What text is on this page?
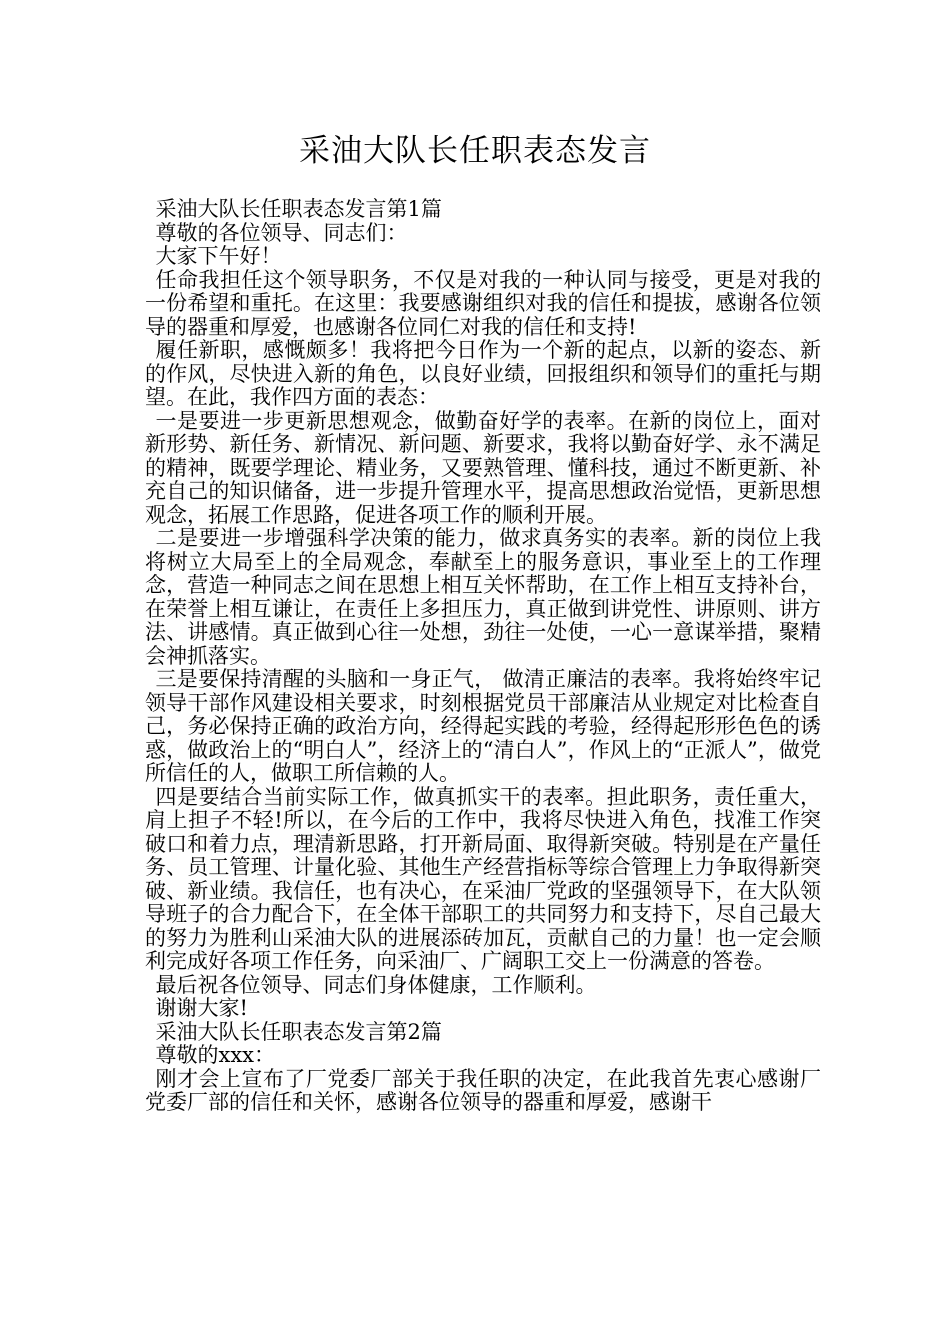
采油大队长任职表态发言

采油大队长任职表态发言第1篇

尊敬的各位领导、同志们：

大家下午好！

任命我担任这个领导职务，不仅是对我的一种认同与接受，更是对我的一份希望和重托。在这里：我要感谢组织对我的信任和提拔，感谢各位领导的器重和厚爱，也感谢各位同仁对我的信任和支持!

履任新职，感慨颇多！我将把今日作为一个新的起点，以新的姿态、新的作风，尽快进入新的角色，以良好业绩，回报组织和领导们的重托与期望。在此，我作四方面的表态：

一是要进一步更新思想观念，做勤奋好学的表率。在新的岗位上，面对新形势、新任务、新情况、新问题、新要求，我将以勤奋好学、永不满足的精神，既要学理论、精业务，又要熟管理、懂科技，通过不断更新、补充自己的知识储备，进一步提升管理水平，提高思想政治觉悟，更新思想观念，拓展工作思路，促进各项工作的顺利开展。

二是要进一步增强科学决策的能力，做求真务实的表率。新的岗位上我将树立大局至上的全局观念，奉献至上的服务意识，事业至上的工作理念，营造一种同志之间在思想上相互关怀帮助，在工作上相互支持补台，在荣誉上相互谦让，在责任上多担压力，真正做到讲党性、讲原则、讲方法、讲感情。真正做到心往一处想，劲往一处使，一心一意谋举措，聚精会神抓落实。

三是要保持清醒的头脑和一身正气， 做清正廉洁的表率。我将始终牢记领导干部作风建设相关要求，时刻根据党员干部廉洁从业规定对比检查自己，务必保持正确的政治方向，经得起实践的考验，经得起形形色色的诱惑，做政治上的“明白人”，经济上的“清白人”，作风上的“正派人”，做党所信任的人，做职工所信赖的人。

四是要结合当前实际工作，做真抓实干的表率。担此职务，责任重大，肩上担子不轻!所以，在今后的工作中，我将尽快进入角色，找准工作突破口和着力点，理清新思路，打开新局面、取得新突破。特别是在产量任务、员工管理、计量化验、其他生产经营指标等综合管理上力争取得新突破、新业绩。我信任，也有决心，在采油厂党政的坚强领导下，在大队领导班子的合力配合下，在全体干部职工的共同努力和支持下，尽自己最大的努力为胜利山采油大队的进展添砖加瓦，贡献自己的力量！也一定会顺利完成好各项工作任务，向采油厂、广阔职工交上一份满意的答卷。

最后祝各位领导、同志们身体健康，工作顺利。

谢谢大家!

采油大队长任职表态发言第2篇

尊敬的xxx：

刚才会上宣布了厂党委厂部关于我任职的决定，在此我首先衷心感谢厂党委厂部的信任和关怀，感谢各位领导的器重和厚爱，感谢干
